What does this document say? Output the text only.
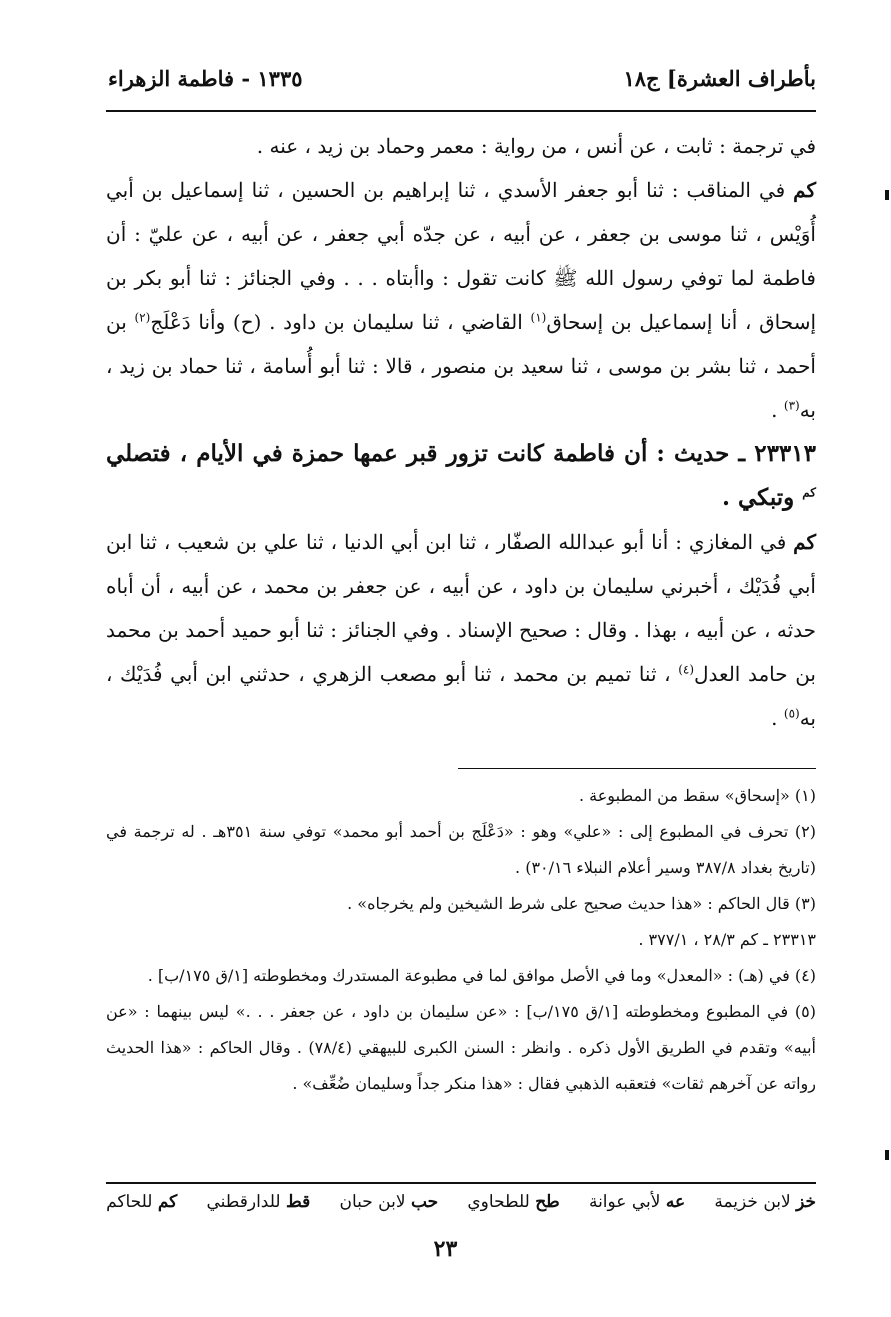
بأطراف العشرة] ج١٨
١٣٣٥ - فاطمة الزهراء

في ترجمة : ثابت ، عن أنس ، من رواية : معمر وحماد بن زيد ، عنه .

كم في المناقب : ثنا أبو جعفر الأسدي ، ثنا إبراهيم بن الحسين ، ثنا إسماعيل بن أبي أُوَيْس ، ثنا موسى بن جعفر ، عن أبيه ، عن جدّه أبي جعفر ، عن أبيه ، عن عليّ : أن فاطمة لما توفي رسول الله ﷺ كانت تقول : واأبتاه . . . وفي الجنائز : ثنا أبو بكر بن إسحاق ، أنا إسماعيل بن إسحاق$^{(١)}$ القاضي ، ثنا سليمان بن داود . (ح) وأنا دَعْلَج$^{(٢)}$ بن أحمد ، ثنا بشر بن موسى ، ثنا سعيد بن منصور ، قالا : ثنا أبو أُسامة ، ثنا حماد بن زيد ، به$^{(٣)}$ .

٢٣٣١٣ ـ حديث : أن فاطمة كانت تزور قبر عمها حمزة في الأيام ، فتصلي $^{كم}$ وتبكي .

كم في المغازي : أنا أبو عبدالله الصفّار ، ثنا ابن أبي الدنيا ، ثنا علي بن شعيب ، ثنا ابن أبي فُدَيْك ، أخبرني سليمان بن داود ، عن أبيه ، عن جعفر بن محمد ، عن أبيه ، أن أباه حدثه ، عن أبيه ، بهذا . وقال : صحيح الإسناد . وفي الجنائز : ثنا أبو حميد أحمد بن محمد بن حامد العدل$^{(٤)}$ ، ثنا تميم بن محمد ، ثنا أبو مصعب الزهري ، حدثني ابن أبي فُدَيْك ، به$^{(٥)}$ .

(١) «إسحاق» سقط من المطبوعة .

(٢) تحرف في المطبوع إلى : «علي» وهو : «دَعْلَج بن أحمد أبو محمد» توفي سنة ٣٥١هـ . له ترجمة في (تاريخ بغداد ٣٨٧/٨ وسير أعلام النبلاء ٣٠/١٦) .

(٣) قال الحاكم : «هذا حديث صحيح على شرط الشيخين ولم يخرجاه» .

٢٣٣١٣ ـ كم ٢٨/٣ ، ٣٧٧/١ .

(٤) في (هـ) : «المعدل» وما في الأصل موافق لما في مطبوعة المستدرك ومخطوطته [١/ق ١٧٥/ب] .

(٥) في المطبوع ومخطوطته [١/ق ١٧٥/ب] : «عن سليمان بن داود ، عن جعفر . . .» ليس بينهما : «عن أبيه» وتقدم في الطريق الأول ذكره . وانظر : السنن الكبرى للبيهقي (٧٨/٤) . وقال الحاكم : «هذا الحديث رواته عن آخرهم ثقات» فتعقبه الذهبي فقال : «هذا منكر جداً وسليمان ضُعِّف» .

خز لابن خزيمة
عه لأبي عوانة
طح للطحاوي
حب لابن حبان
قط للدارقطني
كم للحاكم
٢٣
